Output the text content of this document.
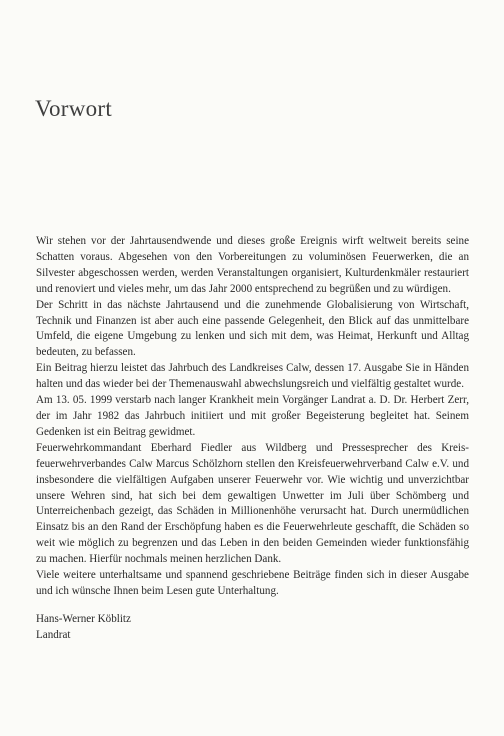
Vorwort

Wir stehen vor der Jahrtausendwende und dieses große Ereignis wirft weltweit bereits seine Schatten voraus. Abgesehen von den Vorbereitungen zu voluminösen Feuerwerken, die an Silvester abgeschossen werden, werden Veranstaltungen organisiert, Kulturdenkmäler restauriert und renoviert und vieles mehr, um das Jahr 2000 entsprechend zu begrüßen und zu würdigen.

Der Schritt in das nächste Jahrtausend und die zunehmende Globalisierung von Wirtschaft, Technik und Finanzen ist aber auch eine passende Gelegenheit, den Blick auf das unmittelbare Umfeld, die eigene Umgebung zu lenken und sich mit dem, was Heimat, Herkunft und Alltag bedeuten, zu befassen.

Ein Beitrag hierzu leistet das Jahrbuch des Landkreises Calw, dessen 17. Ausgabe Sie in Händen halten und das wieder bei der Themenauswahl abwechslungsreich und vielfältig gestaltet wurde.

Am 13. 05. 1999 verstarb nach langer Krankheit mein Vorgänger Landrat a. D. Dr. Herbert Zerr, der im Jahr 1982 das Jahrbuch initiiert und mit großer Begeisterung begleitet hat. Seinem Gedenken ist ein Beitrag gewidmet.

Feuerwehrkommandant Eberhard Fiedler aus Wildberg und Pressesprecher des Kreisfeuerwehrverbandes Calw Marcus Schölzhorn stellen den Kreisfeuerwehrverband Calw e.V. und insbesondere die vielfältigen Aufgaben unserer Feuerwehr vor. Wie wichtig und unverzichtbar unsere Wehren sind, hat sich bei dem gewaltigen Unwetter im Juli über Schömberg und Unterreichenbach gezeigt, das Schäden in Millionenhöhe verursacht hat. Durch unermüdlichen Einsatz bis an den Rand der Erschöpfung haben es die Feuerwehrleute geschafft, die Schäden so weit wie möglich zu begrenzen und das Leben in den beiden Gemeinden wieder funktionsfähig zu machen. Hierfür nochmals meinen herzlichen Dank.

Viele weitere unterhaltsame und spannend geschriebene Beiträge finden sich in dieser Ausgabe und ich wünsche Ihnen beim Lesen gute Unterhaltung.

Hans-Werner Köblitz
Landrat
